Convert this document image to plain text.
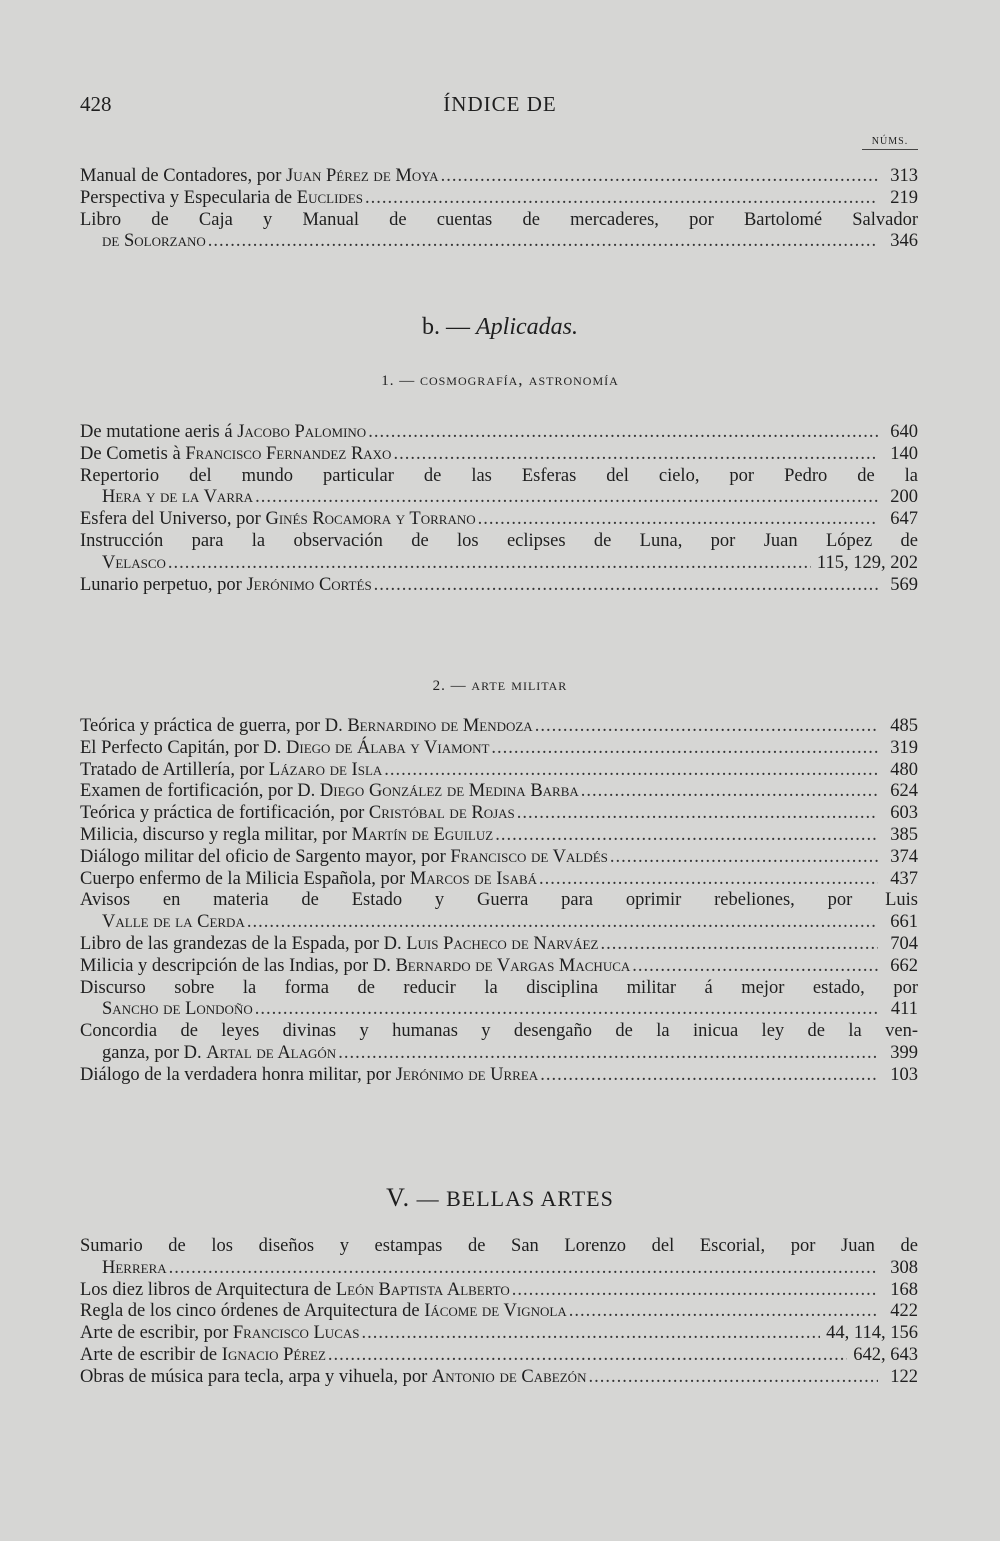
428	ÍNDICE DE
NÚMS.
Manual de Contadores, por Juan Pérez de Moya .....	313
Perspectiva y Especularia de Euclides .....	219
Libro de Caja y Manual de cuentas de mercaderes, por Bartolomé Salvador
de Solorzano .....	346
b. — Aplicadas.
1. — cosmografía, astronomía
De mutatione aeris á Jacobo Palomino .....	640
De Cometis à Francisco Fernandez Raxo .....	140
Repertorio del mundo particular de las Esferas del cielo, por Pedro de la
Hera y de la Varra .....	200
Esfera del Universo, por Ginés Rocamora y Torrano .....	647
Instrucción para la observación de los eclipses de Luna, por Juan López de
Velasco .....	115, 129, 202
Lunario perpetuo, por Jerónimo Cortés .....	569
2. — arte militar
Teórica y práctica de guerra, por D. Bernardino de Mendoza .....	485
El Perfecto Capitán, por D. Diego de Álaba y Viamont .....	319
Tratado de Artillería, por Lázaro de Isla .....	480
Examen de fortificación, por D. Diego González de Medina Barba .....	624
Teórica y práctica de fortificación, por Cristóbal de Rojas .....	603
Milicia, discurso y regla militar, por Martín de Eguiluz .....	385
Diálogo militar del oficio de Sargento mayor, por Francisco de Valdés .....	374
Cuerpo enfermo de la Milicia Española, por Marcos de Isabá .....	437
Avisos en materia de Estado y Guerra para oprimir rebeliones, por Luis
Valle de la Cerda .....	661
Libro de las grandezas de la Espada, por D. Luis Pacheco de Narváez .....	704
Milicia y descripción de las Indias, por D. Bernardo de Vargas Machuca .....	662
Discurso sobre la forma de reducir la disciplina militar á mejor estado, por
Sancho de Londoño .....	411
Concordia de leyes divinas y humanas y desengaño de la inicua ley de la ven-
ganza, por D. Artal de Alagón .....	399
Diálogo de la verdadera honra militar, por Jerónimo de Urrea .....	103
V. — BELLAS ARTES
Sumario de los diseños y estampas de San Lorenzo del Escorial, por Juan de
Herrera .....	308
Los diez libros de Arquitectura de León Baptista Alberto .....	168
Regla de los cinco órdenes de Arquitectura de Iácome de Vignola .....	422
Arte de escribir, por Francisco Lucas .....	44, 114, 156
Arte de escribir de Ignacio Pérez .....	642, 643
Obras de música para tecla, arpa y vihuela, por Antonio de Cabezón .....	122
